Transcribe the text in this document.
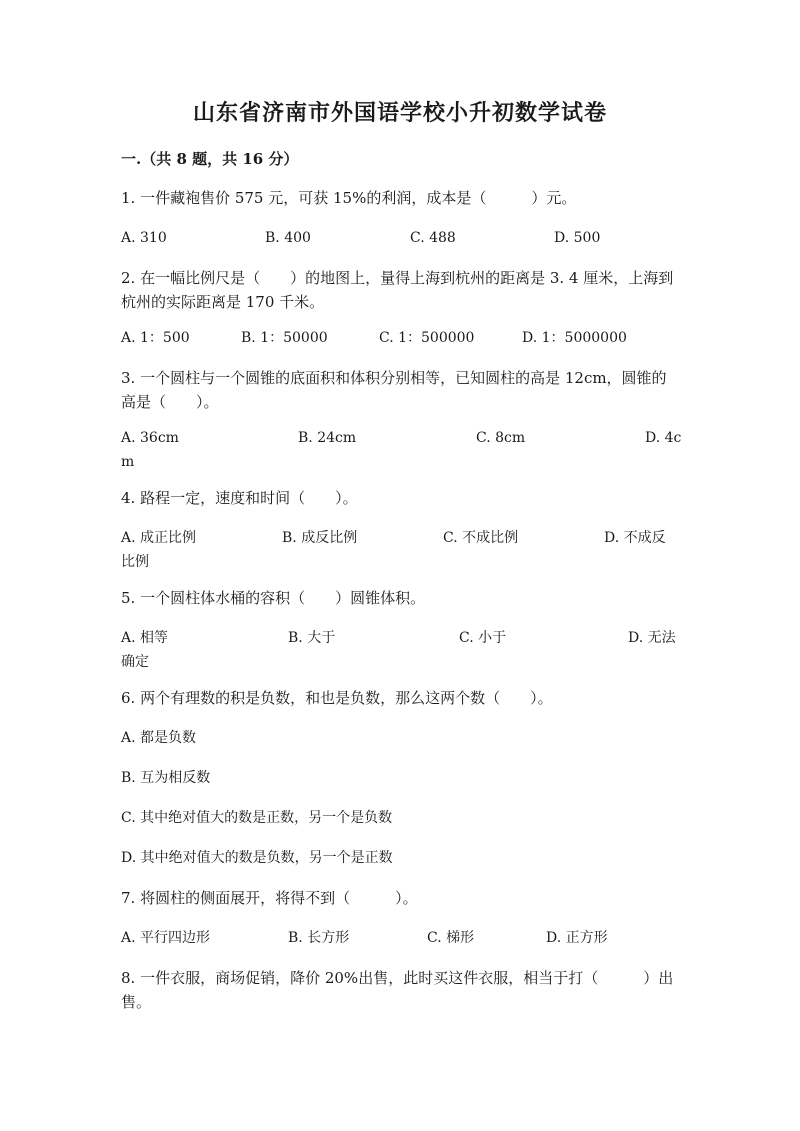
山东省济南市外国语学校小升初数学试卷
一.（共 8 题，共 16 分）
1. 一件藏袍售价 575 元，可获 15%的利润，成本是（　　　）元。
A. 310	B. 400	C. 488	D. 500
2. 在一幅比例尺是（　　）的地图上，量得上海到杭州的距离是 3. 4 厘米，上海到杭州的实际距离是 170 千米。
A. 1：500	B. 1：50000	C. 1：500000	D. 1：5000000
3. 一个圆柱与一个圆锥的底面积和体积分别相等，已知圆柱的高是 12cm，圆锥的高是（　　）。
A. 36cm	B. 24cm	C. 8cm	D. 4c
m
4. 路程一定，速度和时间（　　）。
A. 成正比例	B. 成反比例	C. 不成比例	D. 不成反
比例
5. 一个圆柱体水桶的容积（　　）圆锥体积。
A. 相等	B. 大于	C. 小于	D. 无法
确定
6. 两个有理数的积是负数，和也是负数，那么这两个数（　　）。
A. 都是负数
B. 互为相反数
C. 其中绝对值大的数是正数，另一个是负数
D. 其中绝对值大的数是负数，另一个是正数
7. 将圆柱的侧面展开，将得不到（　　　）。
A. 平行四边形	B. 长方形	C. 梯形	D. 正方形
8. 一件衣服，商场促销，降价 20%出售，此时买这件衣服，相当于打（　　　）出售。
